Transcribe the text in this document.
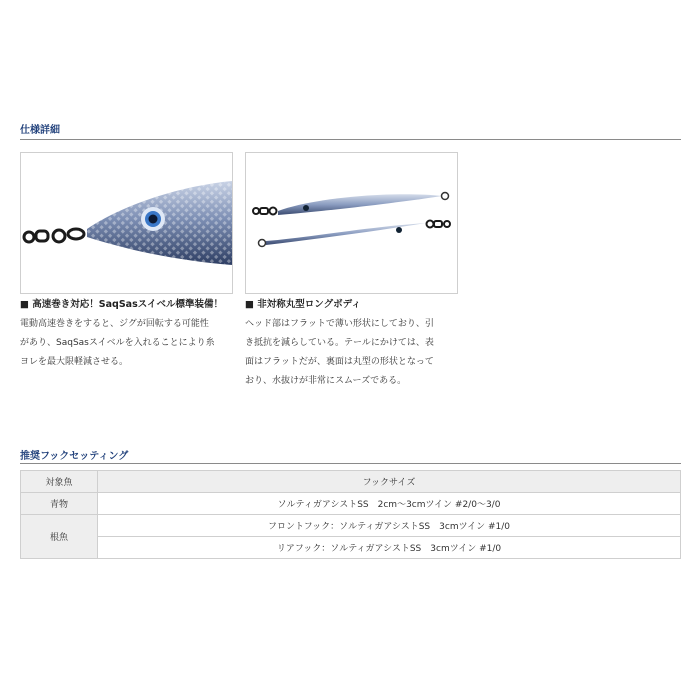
仕様詳細
■ 高速巻き対応！SaqSasスイベル標準装備！
電動高速巻きをすると、ジグが回転する可能性
があり、SaqSasスイベルを入れることにより糸
ヨレを最大限軽減させる。
■ 非対称丸型ロングボディ
ヘッド部はフラットで薄い形状にしており、引
き抵抗を減らしている。テールにかけては、表
面はフラットだが、裏面は丸型の形状となって
おり、水抜けが非常にスムーズである。
推奨フックセッティング
対象魚	フックサイズ
青物	ソルティガアシストSS　2cm〜3cmツイン #2/0〜3/0
根魚	フロントフック：ソルティガアシストSS　3cmツイン #1/0
	リアフック：ソルティガアシストSS　3cmツイン #1/0
